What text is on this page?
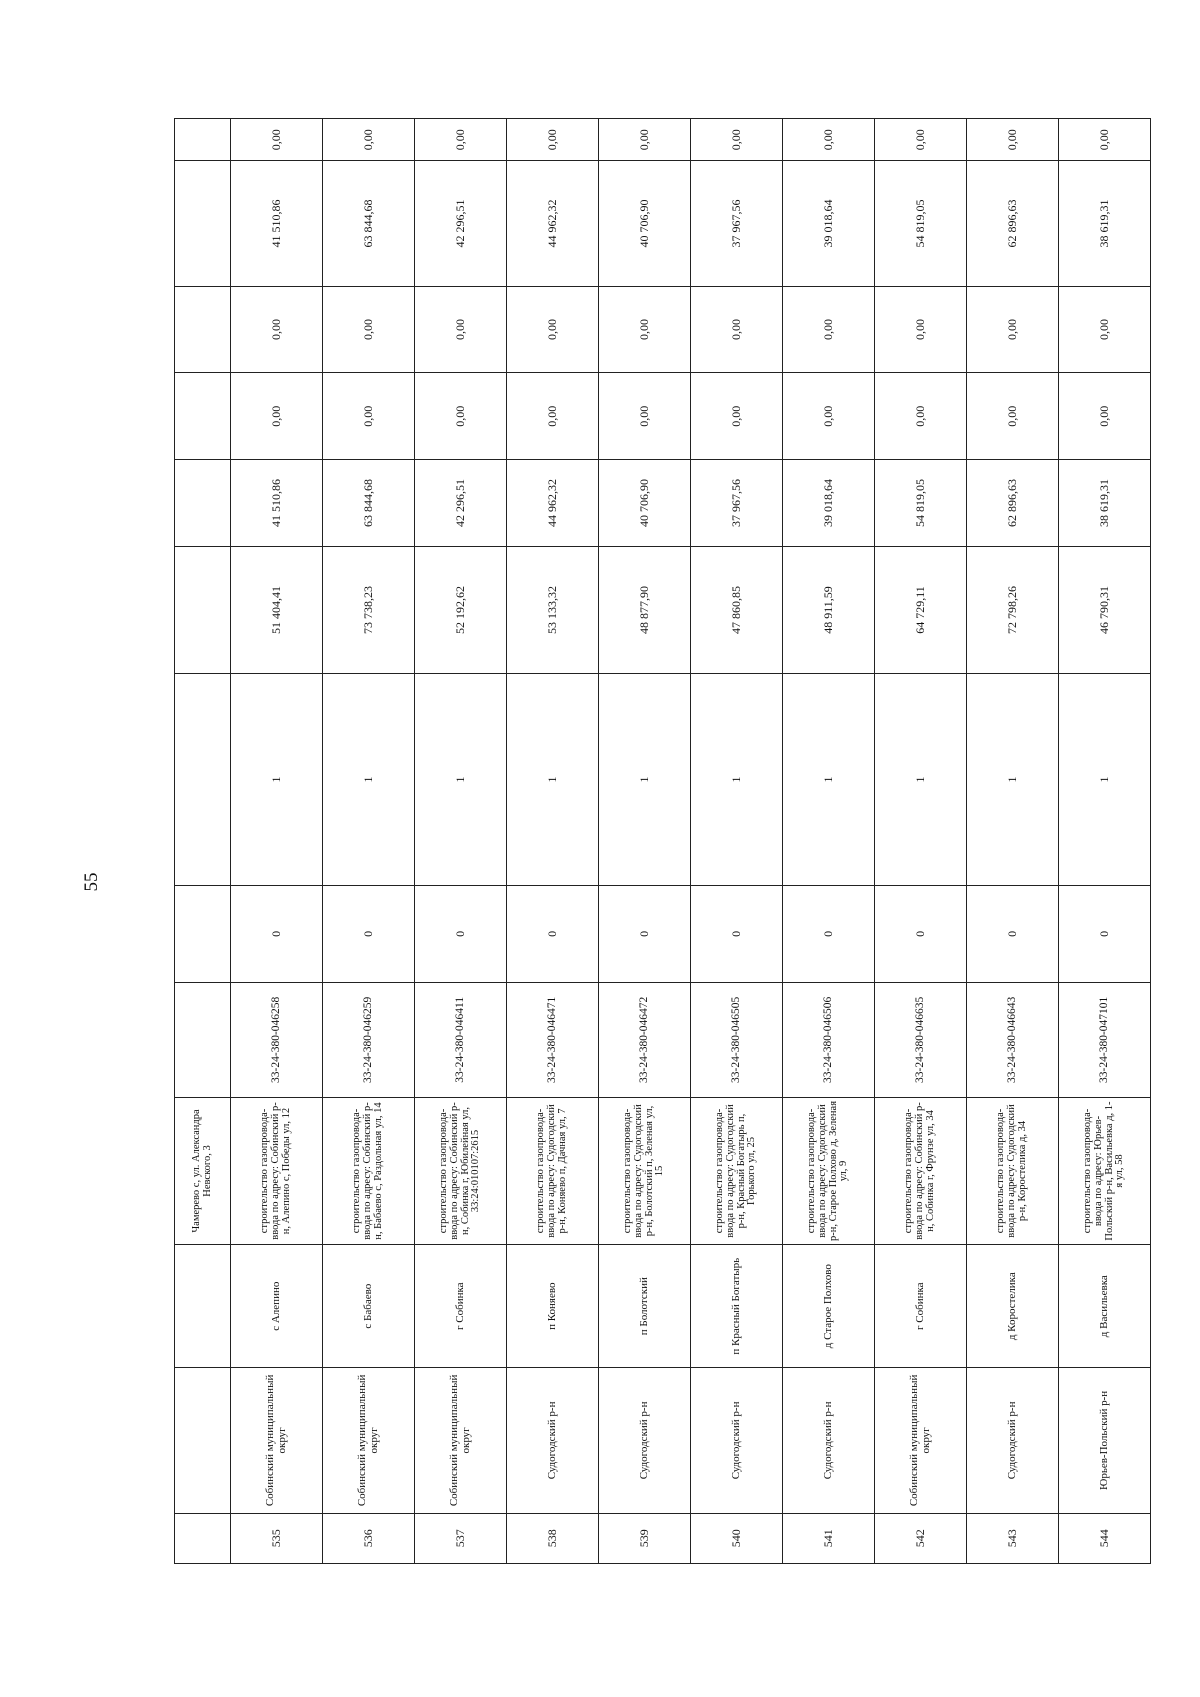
55
			Чамерево с, ул. Александра Невского, 3									
535	Собинский муниципальный округ	с Алепино	строительство газопровода-ввода по адресу: Собинский р-н, Алепино с, Победы ул, 12	33-24-380-046258	0	1	51 404,41	41 510,86	0,00	0,00	41 510,86	0,00
536	Собинский муниципальный округ	с Бабаево	строительство газопровода-ввода по адресу: Собинский р-н, Бабаево с, Раздольная ул, 14	33-24-380-046259	0	1	73 738,23	63 844,68	0,00	0,00	63 844,68	0,00
537	Собинский муниципальный округ	г Собинка	строительство газопровода-ввода по адресу: Собинский р-н, Собинка г, Юбилейная ул, 33:24:010107:2615	33-24-380-046411	0	1	52 192,62	42 296,51	0,00	0,00	42 296,51	0,00
538	Судогодский р-н	п Коняево	строительство газопровода-ввода по адресу: Судогодский р-н, Коняево п, Дачная ул, 7	33-24-380-046471	0	1	53 133,32	44 962,32	0,00	0,00	44 962,32	0,00
539	Судогодский р-н	п Болотский	строительство газопровода-ввода по адресу: Судогодский р-н, Болотский п, Зеленая ул, 15	33-24-380-046472	0	1	48 877,90	40 706,90	0,00	0,00	40 706,90	0,00
540	Судогодский р-н	п Красный Богатырь	строительство газопровода-ввода по адресу: Судогодский р-н, Красный Богатырь п, Горького ул, 25	33-24-380-046505	0	1	47 860,85	37 967,56	0,00	0,00	37 967,56	0,00
541	Судогодский р-н	д Старое Полхово	строительство газопровода-ввода по адресу: Судогодский р-н, Старое Полхово д, Зеленая ул, 9	33-24-380-046506	0	1	48 911,59	39 018,64	0,00	0,00	39 018,64	0,00
542	Собинский муниципальный округ	г Собинка	строительство газопровода-ввода по адресу: Собинский р-н, Собинка г, Фрунзе ул, 34	33-24-380-046635	0	1	64 729,11	54 819,05	0,00	0,00	54 819,05	0,00
543	Судогодский р-н	д Коростелика	строительство газопровода-ввода по адресу: Судогодский р-н, Коростелика д, 34	33-24-380-046643	0	1	72 798,26	62 896,63	0,00	0,00	62 896,63	0,00
544	Юрьев-Польский р-н	д Васильевка	строительство газопровода-ввода по адресу: Юрьев-Польский р-н, Васильевка д, 1-я ул, 58	33-24-380-047101	0	1	46 790,31	38 619,31	0,00	0,00	38 619,31	0,00
